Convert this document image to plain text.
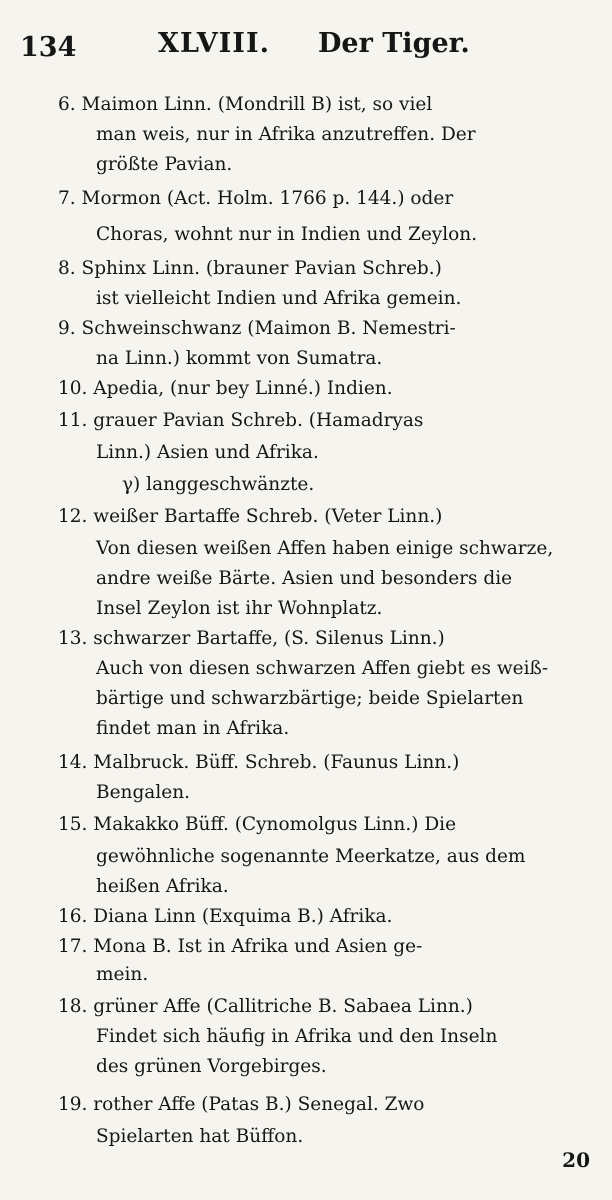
134	XLVIII. Der Tiger.
6. Maimon Linn. (Mondrill B) ist, so viel
man weis, nur in Afrika anzutreffen. Der
größte Pavian.
7. Mormon (Act. Holm. 1766 p. 144.) oder
Choras, wohnt nur in Indien und Zeylon.
8. Sphinx Linn. (brauner Pavian Schreb.)
ist vielleicht Indien und Afrika gemein.
9. Schweinschwanz (Maimon B. Nemestri-
na Linn.) kommt von Sumatra.
10. Apedia, (nur bey Linné.) Indien.
11. grauer Pavian Schreb. (Hamadryas
Linn.) Asien und Afrika.
γ) langgeschwänzte.
12. weißer Bartaffe Schreb. (Veter Linn.)
Von diesen weißen Affen haben einige schwarze,
andre weiße Bärte. Asien und besonders die
Insel Zeylon ist ihr Wohnplatz.
13. schwarzer Bartaffe, (S. Silenus Linn.)
Auch von diesen schwarzen Affen giebt es weiß-
bärtige und schwarzbärtige; beide Spielarten
findet man in Afrika.
14. Malbruck. Büff. Schreb. (Faunus Linn.)
Bengalen.
15. Makakko Büff. (Cynomolgus Linn.) Die
gewöhnliche sogenannte Meerkatze, aus dem
heißen Afrika.
16. Diana Linn (Exquima B.) Afrika.
17. Mona B. Ist in Afrika und Asien ge-
mein.
18. grüner Affe (Callitriche B. Sabaea Linn.)
Findet sich häufig in Afrika und den Inseln
des grünen Vorgebirges.
19. rother Affe (Patas B.) Senegal. Zwo
Spielarten hat Büffon.
20
